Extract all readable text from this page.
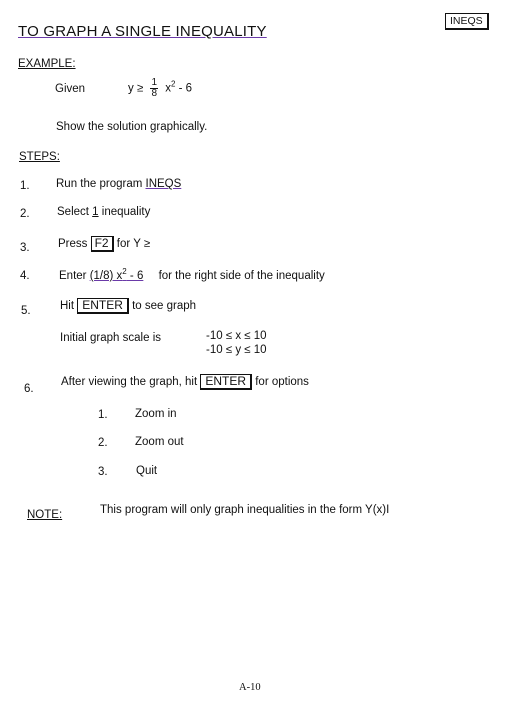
TO GRAPH A SINGLE INEQUALITY
INEQS
EXAMPLE:
Given	$y \ge \frac{1}{8} x^2 - 6$
Show the solution graphically.
STEPS:
1. Run the program INEQS
2. Select 1 inequality
3. Press F2 for Y ≥
4.	Enter (1/8) $x^2 - 6$ for the right side of the inequality
5.	Hit ENTER to see graph
Initial graph scale is	-10 ≤ x ≤ 10
-10 ≤ y ≤ 10
6.
After viewing the graph, hit ENTER for options
1. Zoom in
2. Zoom out
3. Quit
NOTE:	This program will only graph inequalities in the form Y(x)I
A-10
